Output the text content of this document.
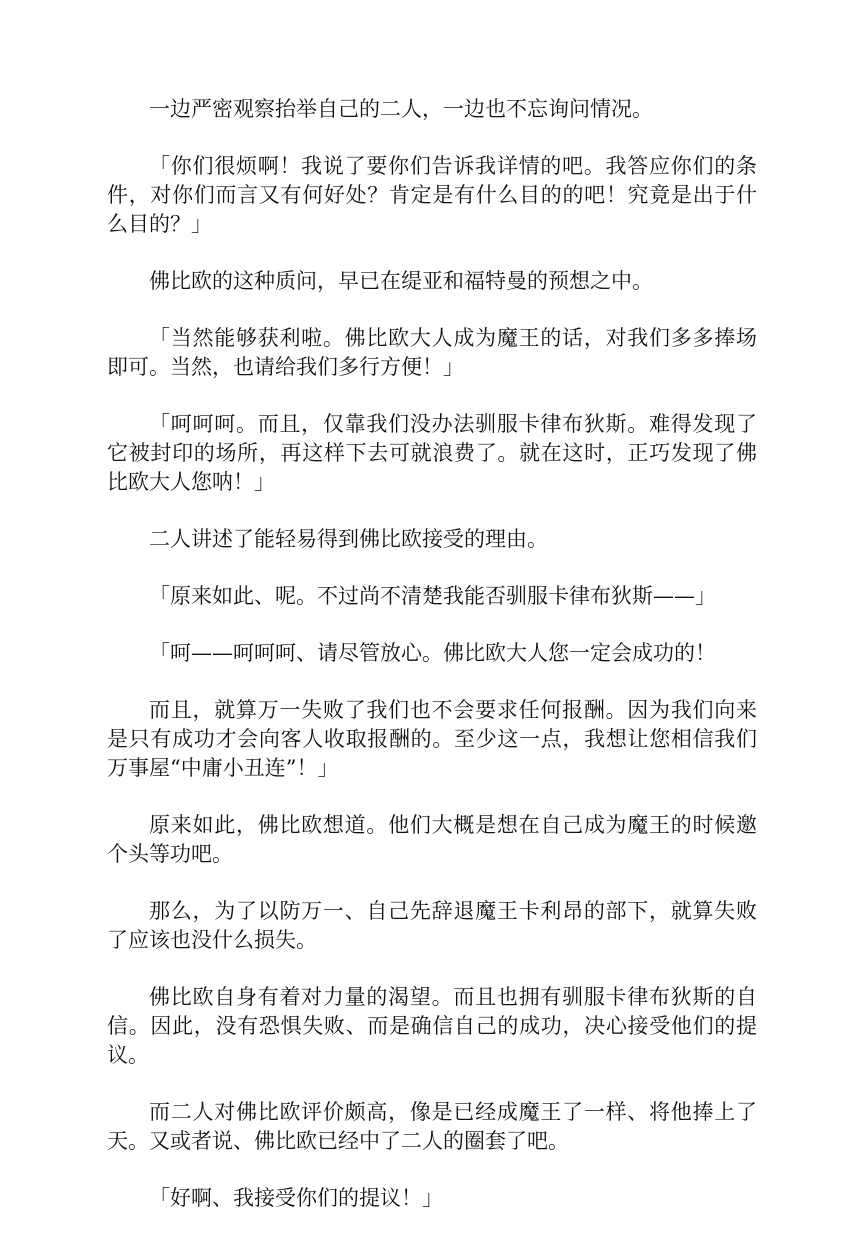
一边严密观察抬举自己的二人，一边也不忘询问情况。

「你们很烦啊！我说了要你们告诉我详情的吧。我答应你们的条件，对你们而言又有何好处？肯定是有什么目的的吧！究竟是出于什么目的？」

佛比欧的这种质问，早已在缇亚和福特曼的预想之中。

「当然能够获利啦。佛比欧大人成为魔王的话，对我们多多捧场即可。当然，也请给我们多行方便！」

「呵呵呵。而且，仅靠我们没办法驯服卡律布狄斯。难得发现了它被封印的场所，再这样下去可就浪费了。就在这时，正巧发现了佛比欧大人您呐！」

二人讲述了能轻易得到佛比欧接受的理由。

「原来如此、呢。不过尚不清楚我能否驯服卡律布狄斯——」

「呵——呵呵呵、请尽管放心。佛比欧大人您一定会成功的！

而且，就算万一失败了我们也不会要求任何报酬。因为我们向来是只有成功才会向客人收取报酬的。至少这一点，我想让您相信我们万事屋“中庸小丑连”！」

原来如此，佛比欧想道。他们大概是想在自己成为魔王的时候邀个头等功吧。

那么，为了以防万一、自己先辞退魔王卡利昂的部下，就算失败了应该也没什么损失。

佛比欧自身有着对力量的渴望。而且也拥有驯服卡律布狄斯的自信。因此，没有恐惧失败、而是确信自己的成功，决心接受他们的提议。

而二人对佛比欧评价颇高，像是已经成魔王了一样、将他捧上了天。又或者说、佛比欧已经中了二人的圈套了吧。

「好啊、我接受你们的提议！」
